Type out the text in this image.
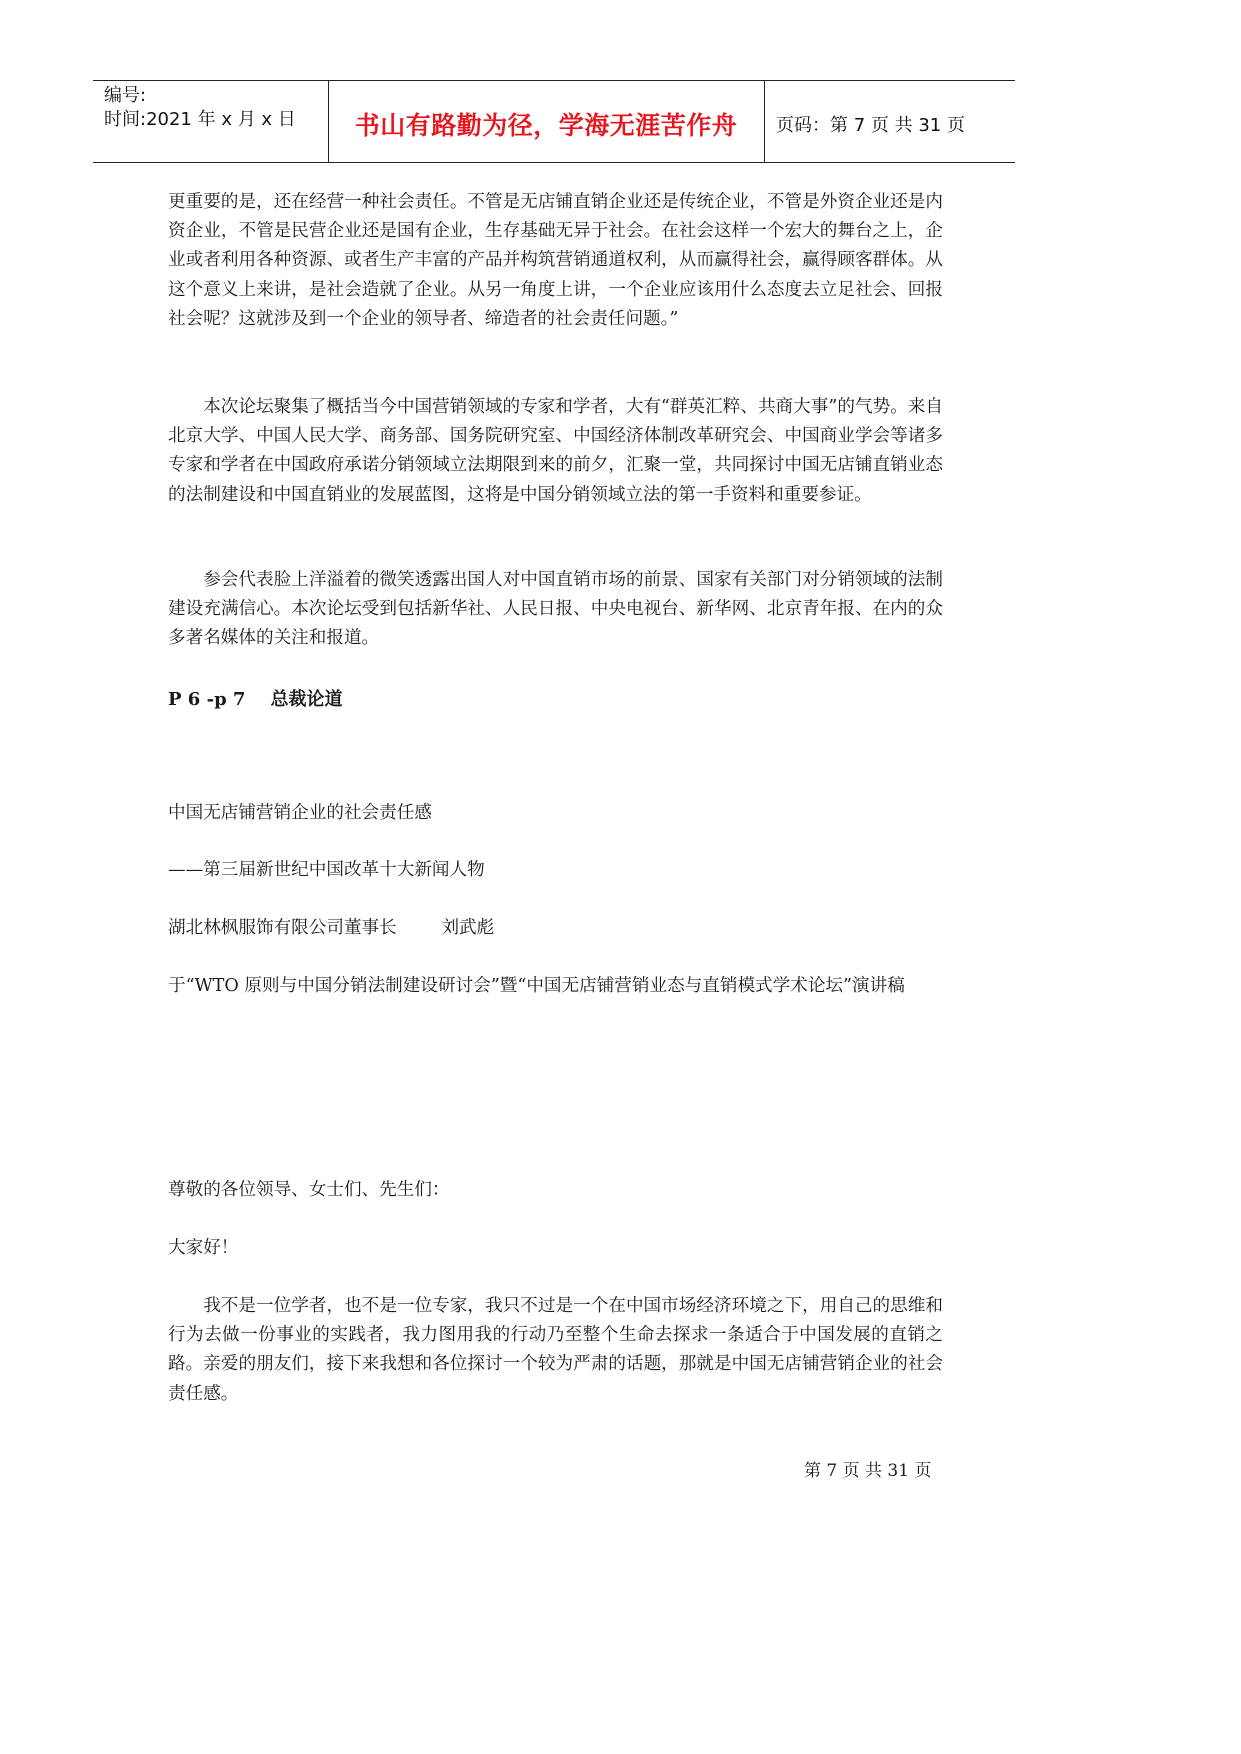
编号:
时间:2021 年 x 月 x 日	书山有路勤为径，学海无涯苦作舟	页码：第 7 页 共 31 页

更重要的是，还在经营一种社会责任。不管是无店铺直销企业还是传统企业，不管是外资企业还是内资企业，不管是民营企业还是国有企业，生存基础无异于社会。在社会这样一个宏大的舞台之上，企业或者利用各种资源、或者生产丰富的产品并构筑营销通道权利，从而赢得社会，赢得顾客群体。从这个意义上来讲，是社会造就了企业。从另一角度上讲，一个企业应该用什么态度去立足社会、回报社会呢？这就涉及到一个企业的领导者、缔造者的社会责任问题。”

本次论坛聚集了概括当今中国营销领域的专家和学者，大有“群英汇粹、共商大事”的气势。来自北京大学、中国人民大学、商务部、国务院研究室、中国经济体制改革研究会、中国商业学会等诸多专家和学者在中国政府承诺分销领域立法期限到来的前夕，汇聚一堂，共同探讨中国无店铺直销业态的法制建设和中国直销业的发展蓝图，这将是中国分销领域立法的第一手资料和重要参证。

参会代表脸上洋溢着的微笑透露出国人对中国直销市场的前景、国家有关部门对分销领域的法制建设充满信心。本次论坛受到包括新华社、人民日报、中央电视台、新华网、北京青年报、在内的众多著名媒体的关注和报道。

P 6 -p 7    总裁论道

中国无店铺营销企业的社会责任感

——第三届新世纪中国改革十大新闻人物

湖北林枫服饰有限公司董事长        刘武彪

于“WTO 原则与中国分销法制建设研讨会”暨“中国无店铺营销业态与直销模式学术论坛”演讲稿

尊敬的各位领导、女士们、先生们：

大家好！

我不是一位学者，也不是一位专家，我只不过是一个在中国市场经济环境之下，用自己的思维和行为去做一份事业的实践者，我力图用我的行动乃至整个生命去探求一条适合于中国发展的直销之路。亲爱的朋友们，接下来我想和各位探讨一个较为严肃的话题，那就是中国无店铺营销企业的社会责任感。

第 7 页 共 31 页
